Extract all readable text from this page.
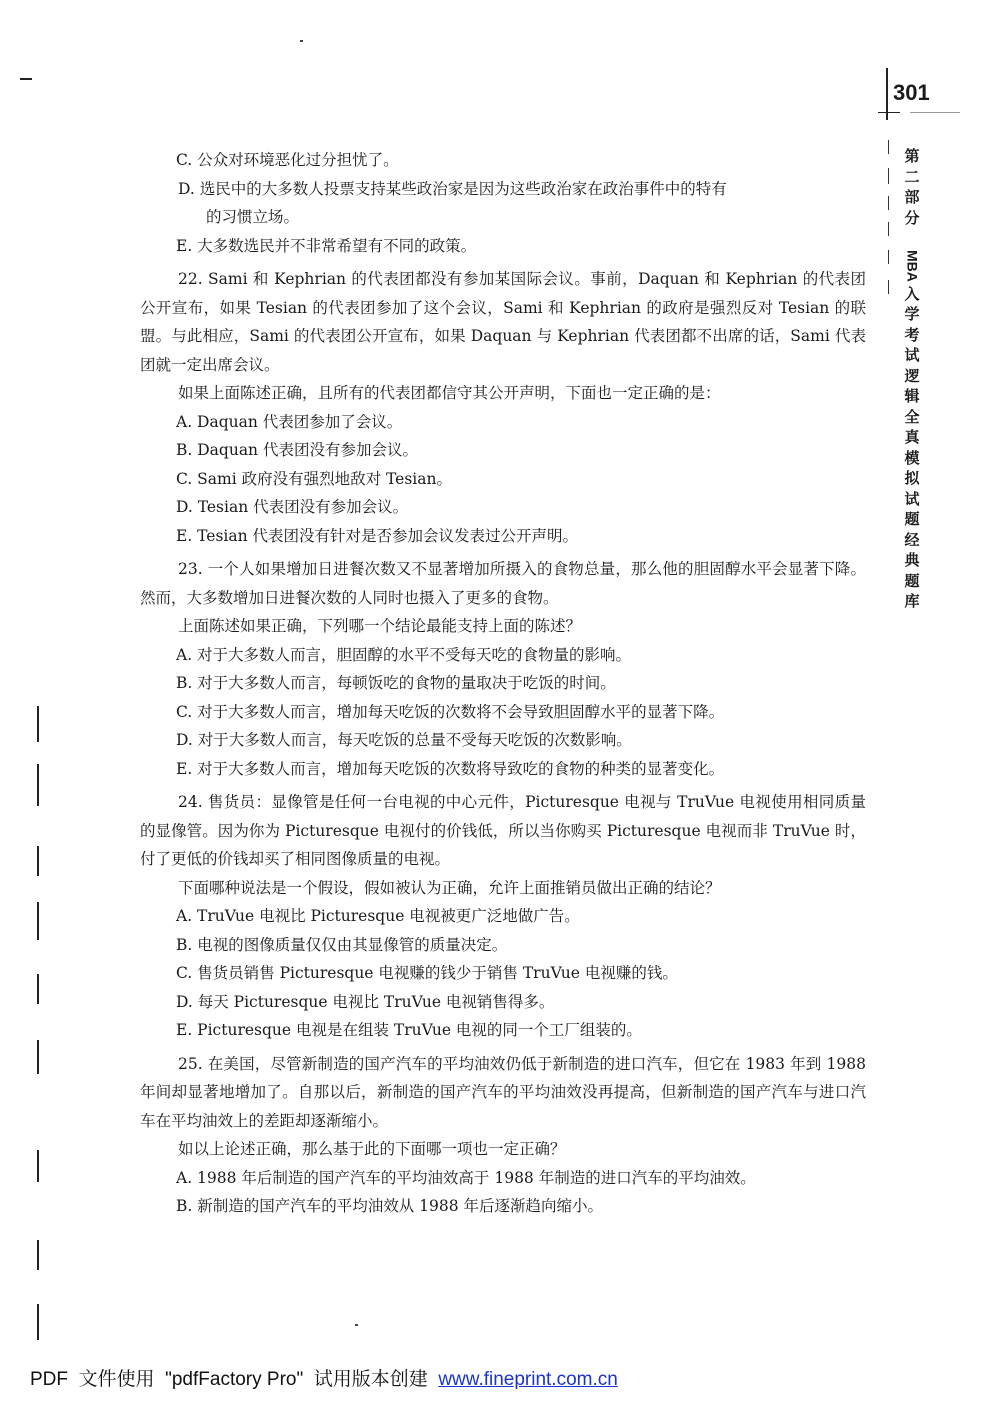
301
第
二
部
分
MBA
入
学
考
试
逻
辑
全
真
模
拟
试
题
经
典
题
库

C. 公众对环境恶化过分担忧了。

D. 选民中的大多数人投票支持某些政治家是因为这些政治家在政治事件中的特有
的习惯立场。

E. 大多数选民并不非常希望有不同的政策。

22. Sami 和 Kephrian 的代表团都没有参加某国际会议。事前，Daquan 和 Kephrian 的代表团公开宣布，如果 Tesian 的代表团参加了这个会议，Sami 和 Kephrian 的政府是强烈反对 Tesian 的联盟。与此相应，Sami 的代表团公开宣布，如果 Daquan 与 Kephrian 代表团都不出席的话，Sami 代表团就一定出席会议。

如果上面陈述正确，且所有的代表团都信守其公开声明，下面也一定正确的是：

A. Daquan 代表团参加了会议。

B. Daquan 代表团没有参加会议。

C. Sami 政府没有强烈地敌对 Tesian。

D. Tesian 代表团没有参加会议。

E. Tesian 代表团没有针对是否参加会议发表过公开声明。

23. 一个人如果增加日进餐次数又不显著增加所摄入的食物总量，那么他的胆固醇水平会显著下降。然而，大多数增加日进餐次数的人同时也摄入了更多的食物。

上面陈述如果正确，下列哪一个结论最能支持上面的陈述？

A. 对于大多数人而言，胆固醇的水平不受每天吃的食物量的影响。

B. 对于大多数人而言，每顿饭吃的食物的量取决于吃饭的时间。

C. 对于大多数人而言，增加每天吃饭的次数将不会导致胆固醇水平的显著下降。

D. 对于大多数人而言，每天吃饭的总量不受每天吃饭的次数影响。

E. 对于大多数人而言，增加每天吃饭的次数将导致吃的食物的种类的显著变化。

24. 售货员：显像管是任何一台电视的中心元件，Picturesque 电视与 TruVue 电视使用相同质量的显像管。因为你为 Picturesque 电视付的价钱低，所以当你购买 Picturesque 电视而非 TruVue 时，付了更低的价钱却买了相同图像质量的电视。

下面哪种说法是一个假设，假如被认为正确，允许上面推销员做出正确的结论？

A. TruVue 电视比 Picturesque 电视被更广泛地做广告。

B. 电视的图像质量仅仅由其显像管的质量决定。

C. 售货员销售 Picturesque 电视赚的钱少于销售 TruVue 电视赚的钱。

D. 每天 Picturesque 电视比 TruVue 电视销售得多。

E. Picturesque 电视是在组装 TruVue 电视的同一个工厂组装的。

25. 在美国，尽管新制造的国产汽车的平均油效仍低于新制造的进口汽车，但它在 1983 年到 1988 年间却显著地增加了。自那以后，新制造的国产汽车的平均油效没再提高，但新制造的国产汽车与进口汽车在平均油效上的差距却逐渐缩小。

如以上论述正确，那么基于此的下面哪一项也一定正确？

A. 1988 年后制造的国产汽车的平均油效高于 1988 年制造的进口汽车的平均油效。

B. 新制造的国产汽车的平均油效从 1988 年后逐渐趋向缩小。

PDF  文件使用  "pdfFactory Pro"  试用版本创建  www.fineprint.com.cn
